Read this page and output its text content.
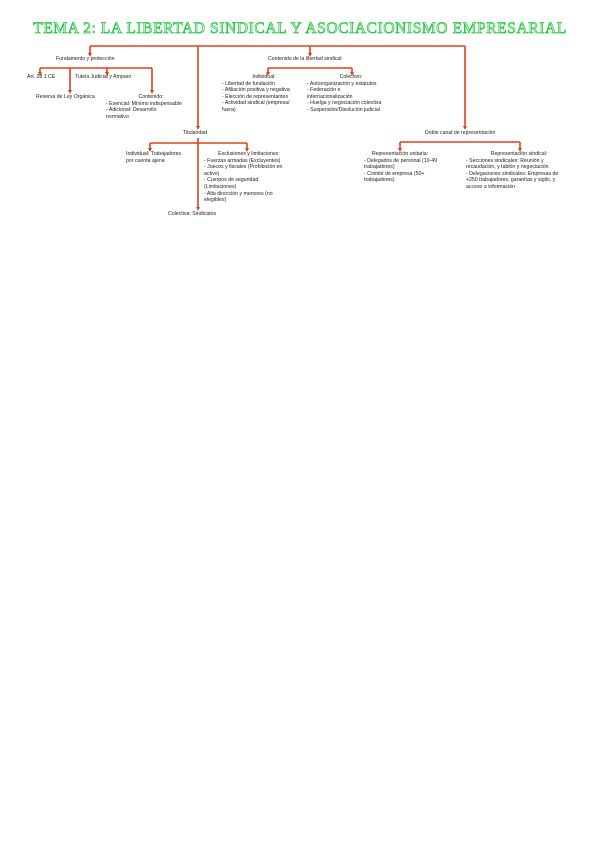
TEMA 2: LA LIBERTAD SINDICAL Y ASOCIACIONISMO EMPRESARIAL
Fundamento y protección
Art. 28.1 CE	Tutela Judicial y Amparo
Reserva de Ley Orgánica	Contenido:
- Esencial: Mínimo indispensable
- Adicional: Desarrollo
normativo
Contenido de la libertad sindical
Individual:
- Libertad de fundación
- Afiliación positiva y negativa
- Elección de representantes
- Actividad sindical (empresa/
fuera)
Colectivo:
- Autoorganización y estatutos
- Federación e
internacionalización
- Huelga y negociación colectiva
- Suspensión/Disolución judicial
Titularidad
Individual: Trabajadores
por cuenta ajena
Exclusiones y limitaciones:
- Fuerzas armadas (Excluyentes)
- Jueces y fiscales (Prohibición en
activo)
- Cuerpos de seguridad
(Limitaciones)
- Alta dirección y menores (no
elegibles)
Colectiva: Sindicatos
Doble canal de representación
Representación unitaria:
- Delegados de personal (10-49
trabajadores)
- Comité de empresa (50+
trabajadores)
Representación sindical:
- Secciones sindicales: Reunión y
recaudación, y tablón y negociación
- Delegaciones sindicales: Empresas de
+250 trabajadores, garantías y sigilo, y
acceso a información
